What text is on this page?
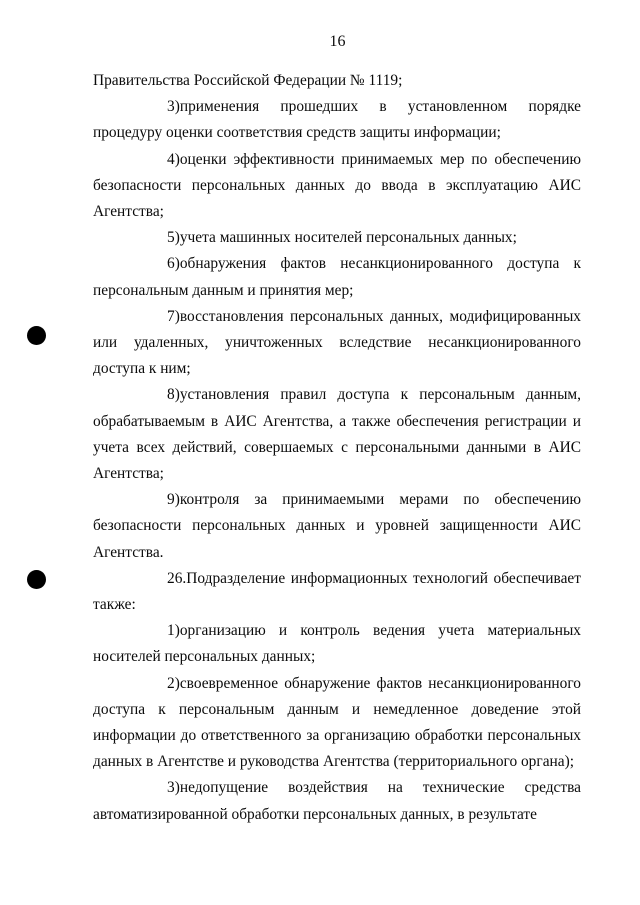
16

Правительства Российской Федерации № 1119;

3)применения прошедших в установленном порядке процедуру оценки соответствия средств защиты информации;

4)оценки эффективности принимаемых мер по обеспечению безопасности персональных данных до ввода в эксплуатацию АИС Агентства;

5)учета машинных носителей персональных данных;

6)обнаружения фактов несанкционированного доступа к персональным данным и принятия мер;

7)восстановления персональных данных, модифицированных или удаленных, уничтоженных вследствие несанкционированного доступа к ним;

8)установления правил доступа к персональным данным, обрабатываемым в АИС Агентства, а также обеспечения регистрации и учета всех действий, совершаемых с персональными данными в АИС Агентства;

9)контроля за принимаемыми мерами по обеспечению безопасности персональных данных и уровней защищенности АИС Агентства.

26.Подразделение информационных технологий обеспечивает также:

1)организацию и контроль ведения учета материальных носителей персональных данных;

2)своевременное обнаружение фактов несанкционированного доступа к персональным данным и немедленное доведение этой информации до ответственного за организацию обработки персональных данных в Агентстве и руководства Агентства (территориального органа);

3)недопущение воздействия на технические средства автоматизированной обработки персональных данных, в результате
